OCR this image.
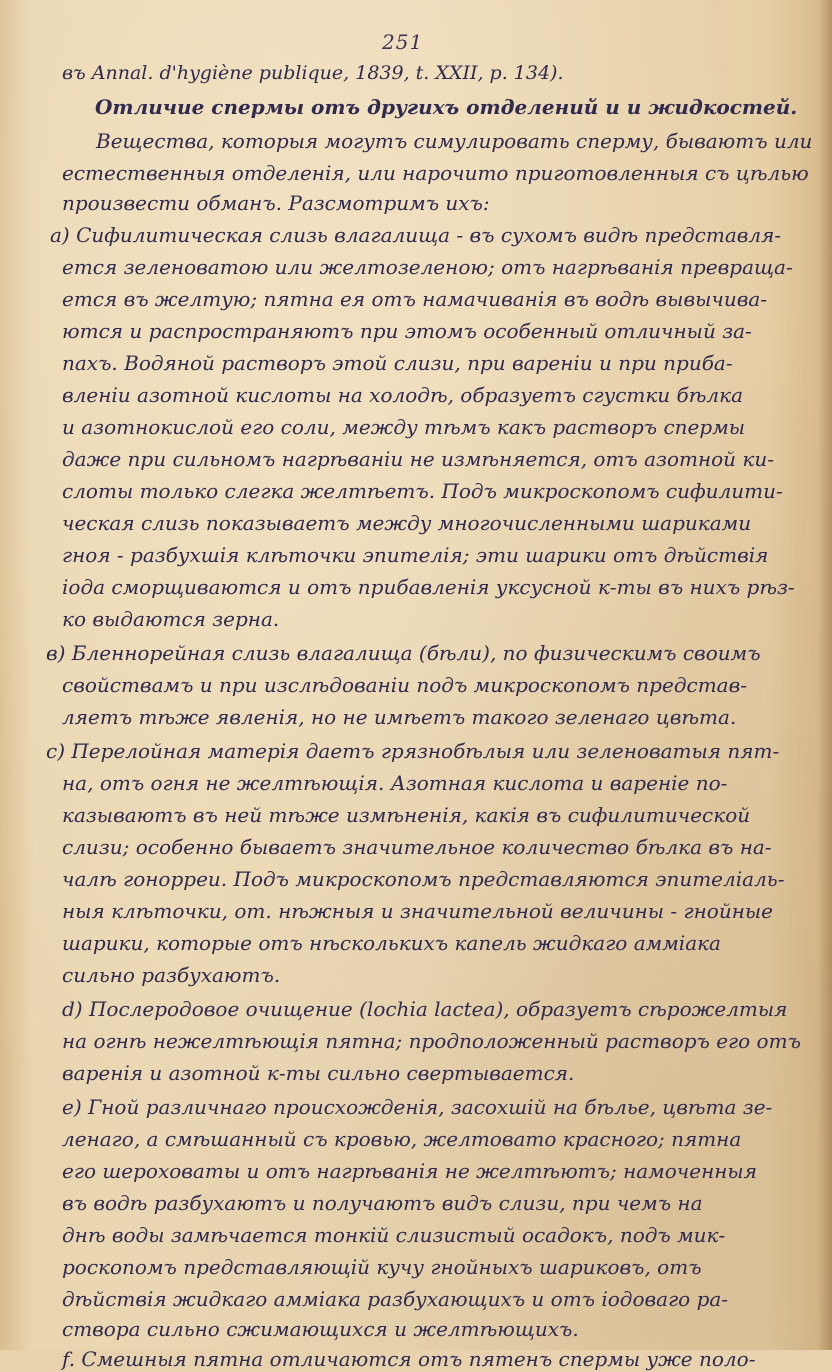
251
въ Annal. d'hygiène publique, 1839, t. XXII, p. 134).
Отличие спермы отъ другихъ отделений и и жидкостей.
Вещества, которыя могутъ симулировать сперму, бываютъ или
естественныя отделенія, или нарочито приготовленныя съ цѣлью
произвести обманъ. Разсмотримъ ихъ:
a) Сифилитическая слизь влагалища - въ сухомъ видѣ представля-
ется зеленоватою или желтозеленою; отъ нагрѣванія превраща-
ется въ желтую; пятна ея отъ намачиванія въ водѣ вывычива-
ются и распространяютъ при этомъ особенный отличный за-
пахъ. Водяной растворъ этой слизи, при вареніи и при приба-
вленіи азотной кислоты на холодѣ, образуетъ сгустки бѣлка
и азотнокислой его соли, между тѣмъ какъ растворъ спермы
даже при сильномъ нагрѣваніи не измѣняется, отъ азотной ки-
слоты только слегка желтѣетъ. Подъ микроскопомъ сифилити-
ческая слизь показываетъ между многочисленными шариками
гноя - разбухшія клѣточки эпителія; эти шарики отъ дѣйствія
іода сморщиваются и отъ прибавленія уксусной к-ты въ нихъ рѣз-
ко выдаются зерна.
в) Бленнорейная слизь влагалища (бѣли), по физическимъ своимъ
свойствамъ и при изслѣдованіи подъ микроскопомъ представ-
ляетъ тѣже явленія, но не имѣетъ такого зеленаго цвѣта.
c) Перелойная матерія даетъ грязнобѣлыя или зеленоватыя пят-
на, отъ огня не желтѣющія. Азотная кислота и вареніе по-
казываютъ въ ней тѣже измѣненія, какія въ сифилитической
слизи; особенно бываетъ значительное количество бѣлка въ на-
чалѣ гонорреи. Подъ микроскопомъ представляются эпителіаль-
ныя клѣточки, от. нѣжныя и значительной величины - гнойные
шарики, которые отъ нѣсколькихъ капель жидкаго аммiака
сильно разбухаютъ.
d) Послеродовое очищение (lochia lactea), образуетъ сѣрожелтыя
на огнѣ нежелтѣющія пятна; продположенный растворъ его отъ
варенія и азотной к-ты сильно свертывается.
e) Гной различнаго происхожденія, засохшiй на бѣлье, цвѣта зе-
ленаго, а смѣшанный съ кровью, желтовато красного; пятна
его шероховаты и отъ нагрѣванія не желтѣютъ; намоченныя
въ водѣ разбухаютъ и получаютъ видъ слизи, при чемъ на
днѣ воды замѣчается тонкій слизистый осадокъ, подъ мик-
роскопомъ представляющій кучу гнойныхъ шариковъ, отъ
дѣйствія жидкаго аммiака разбухающихъ и отъ іодоваго ра-
створа сильно сжимающихся и желтѣющихъ.
f. Смешныя пятна отличаются отъ пятенъ спермы уже поло-
